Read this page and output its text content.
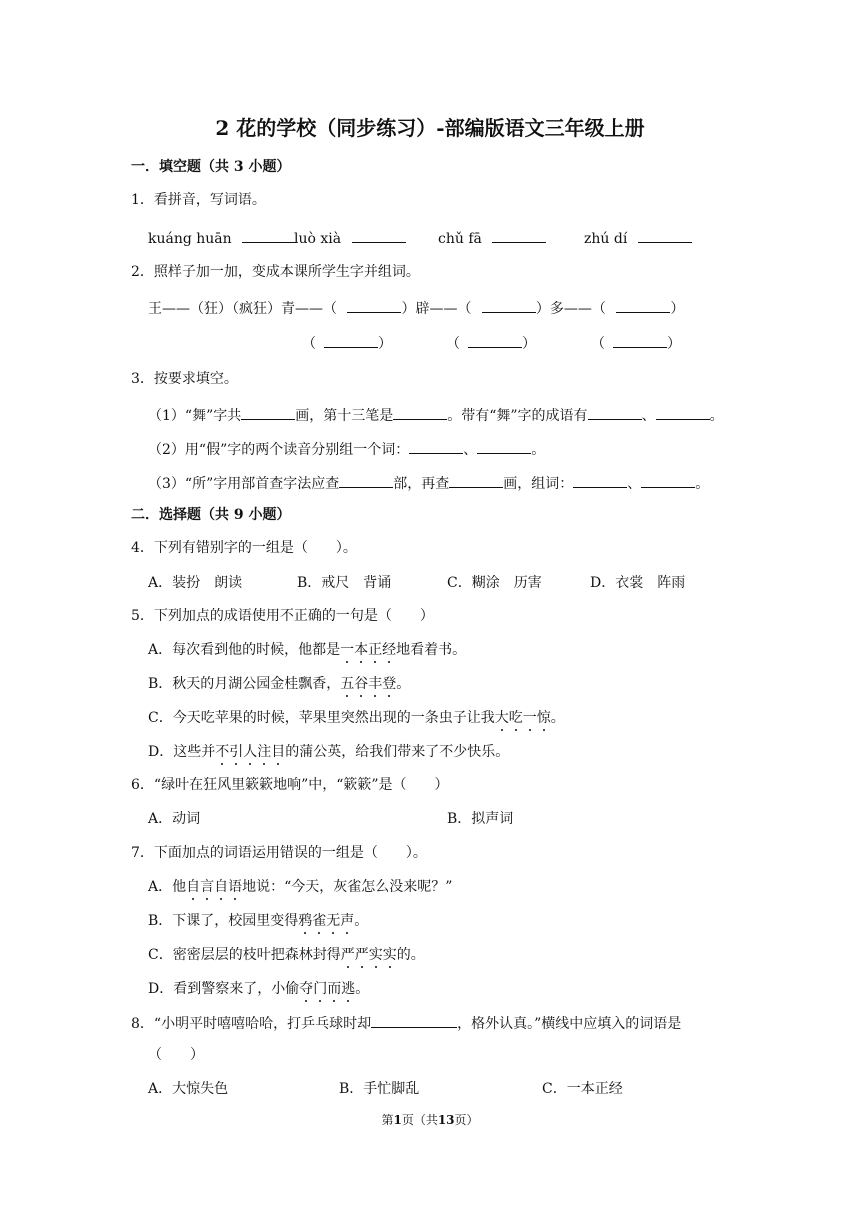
2 花的学校（同步练习）-部编版语文三年级上册
一．填空题（共 3 小题）
1．看拼音，写词语。
kuáng huān	luò xià	chǔ fā	zhú dí
2．照样子加一加，变成本课所学生字并组词。
王——（狂）（疯狂）青——（	）辟——（	）多——（	）
（	）	（	）	（	）
3．按要求填空。
（1）“舞”字共	画，第十三笔是	。带有“舞”字的成语有	、	。
（2）用“假”字的两个读音分别组一个词：	、	。
（3）“所”字用部首查字法应查	部，再查	画，组词：	、	。
二．选择题（共 9 小题）
4．下列有错别字的一组是（　　）。
A．装扮　朗读	B．戒尺　背诵	C．糊涂　历害	D．衣裳　阵雨
5．下列加点的成语使用不正确的一句是（　　）
A．每次看到他的时候，他都是一本正经地看着书。
B．秋天的月湖公园金桂飘香，五谷丰登。
C．今天吃苹果的时候，苹果里突然出现的一条虫子让我大吃一惊。
D．这些并不引人注目的蒲公英，给我们带来了不少快乐。
6．“绿叶在狂风里簌簌地响”中，“簌簌”是（　　）
A．动词	B．拟声词
7．下面加点的词语运用错误的一组是（　　）。
A．他自言自语地说：“今天，灰雀怎么没来呢？”
B．下课了，校园里变得鸦雀无声。
C．密密层层的枝叶把森林封得严严实实的。
D．看到警察来了，小偷夺门而逃。
8．“小明平时嘻嘻哈哈，打乒乓球时却	，格外认真。”横线中应填入的词语是
（　　）
A．大惊失色	B．手忙脚乱	C．一本正经
第1页（共13页）
